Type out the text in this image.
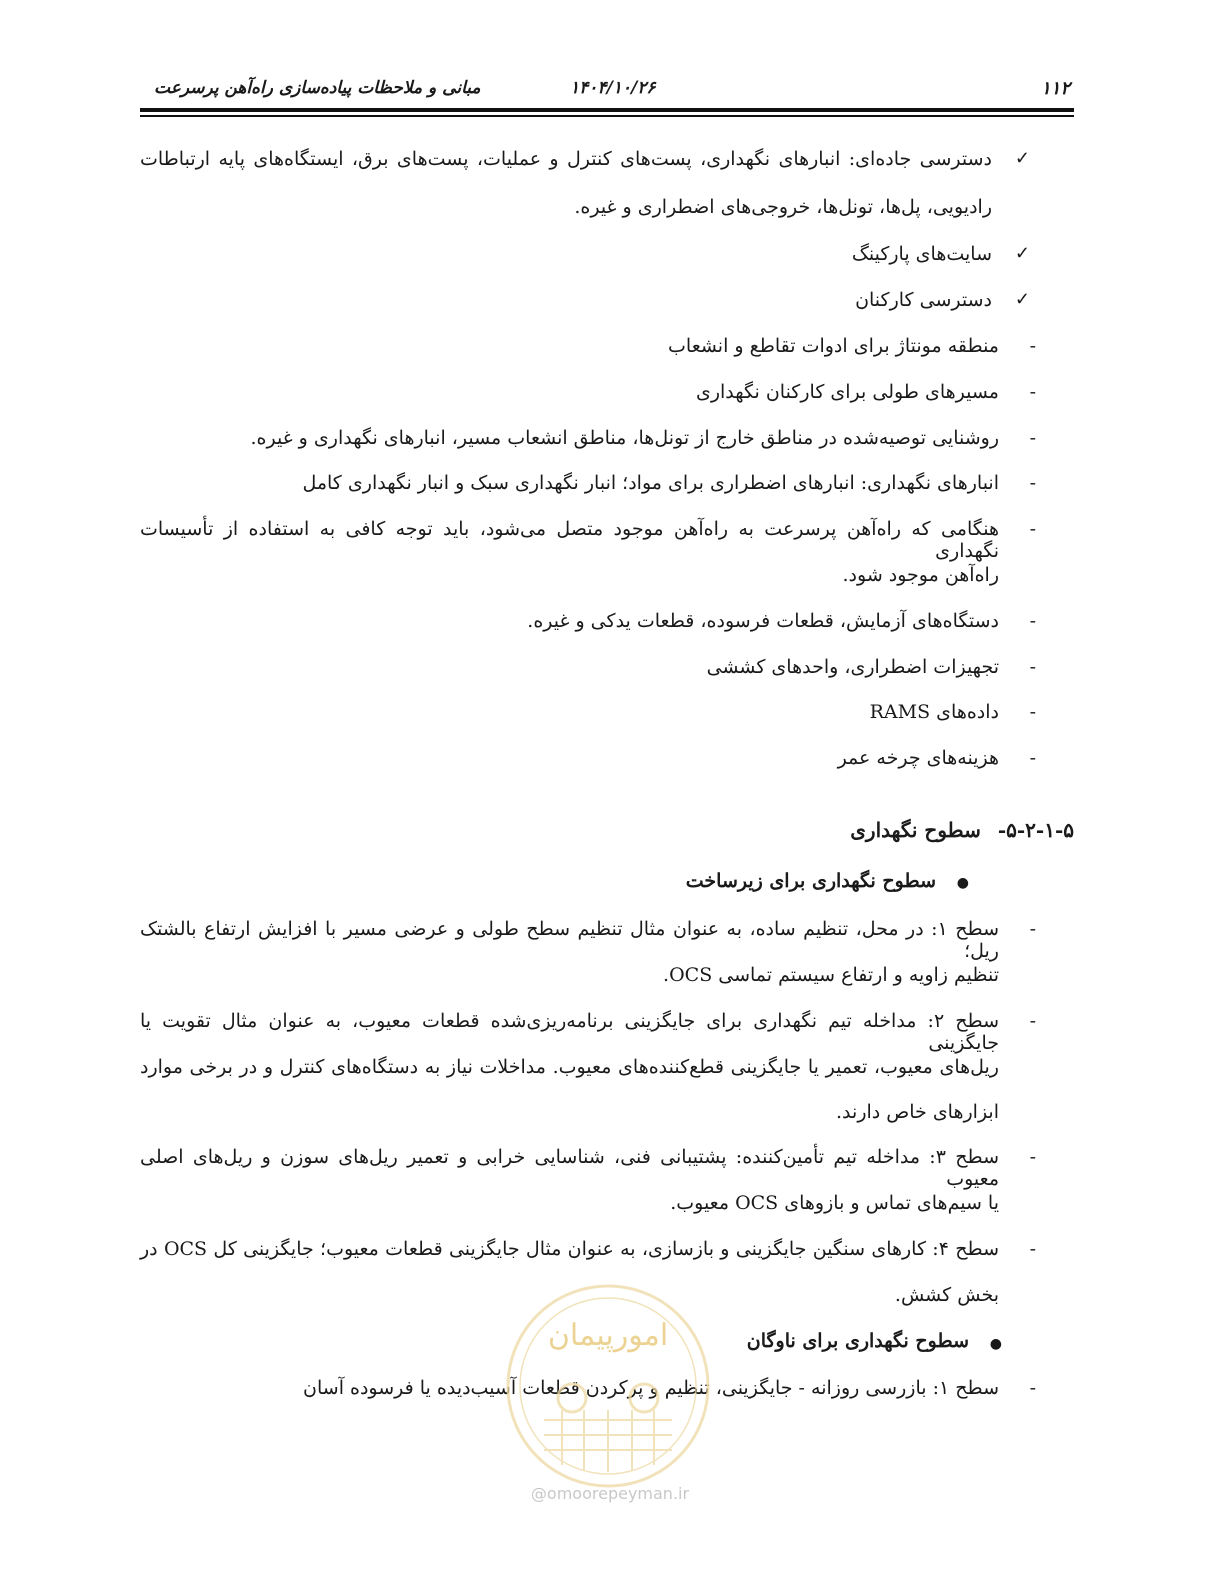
۱۱۲
۱۴۰۴/۱۰/۲۶
مبانی و ملاحظات پیاده‌سازی راه‌آهن پرسرعت
✓
دسترسی جاده‌ای: انبارهای نگهداری، پست‌های کنترل و عملیات، پست‌های برق، ایستگاه‌های پایه ارتباطات
رادیویی، پل‌ها، تونل‌ها، خروجی‌های اضطراری و غیره.
✓
سایت‌های پارکینگ
✓
دسترسی کارکنان
-
منطقه مونتاژ برای ادوات تقاطع و انشعاب
-
مسیرهای طولی برای کارکنان نگهداری
-
روشنایی توصیه‌شده در مناطق خارج از تونل‌ها، مناطق انشعاب مسیر، انبارهای نگهداری و غیره.
-
انبارهای نگهداری: انبارهای اضطراری برای مواد؛ انبار نگهداری سبک و انبار نگهداری کامل
-
هنگامی که راه‌آهن پرسرعت به راه‌آهن موجود متصل می‌شود، باید توجه کافی به استفاده از تأسیسات نگهداری
راه‌آهن موجود شود.
-
دستگاه‌های آزمایش، قطعات فرسوده، قطعات یدکی و غیره.
-
تجهیزات اضطراری، واحدهای کششی
-
داده‌های RAMS
-
هزینه‌های چرخه عمر
۵-۲-۱-۵- سطوح نگهداری
●
سطوح نگهداری برای زیرساخت
-
سطح ۱: در محل، تنظیم ساده، به عنوان مثال تنظیم سطح طولی و عرضی مسیر با افزایش ارتفاع بالشتک ریل؛
تنظیم زاویه و ارتفاع سیستم تماسی OCS.
-
سطح ۲: مداخله تیم نگهداری برای جایگزینی برنامه‌ریزی‌شده قطعات معیوب، به عنوان مثال تقویت یا جایگزینی
ریل‌های معیوب، تعمیر یا جایگزینی قطع‌کننده‌های معیوب. مداخلات نیاز به دستگاه‌های کنترل و در برخی موارد
ابزارهای خاص دارند.
-
سطح ۳: مداخله تیم تأمین‌کننده: پشتیبانی فنی، شناسایی خرابی و تعمیر ریل‌های سوزن و ریل‌های اصلی معیوب
یا سیم‌های تماس و بازوهای OCS معیوب.
-
سطح ۴: کارهای سنگین جایگزینی و بازسازی، به عنوان مثال جایگزینی قطعات معیوب؛ جایگزینی کل OCS در
بخش کشش.
●
سطوح نگهداری برای ناوگان
-
سطح ۱: بازرسی روزانه - جایگزینی، تنظیم و پرکردن قطعات آسیب‌دیده یا فرسوده آسان
امورپیمان
@omoorepeyman.ir
